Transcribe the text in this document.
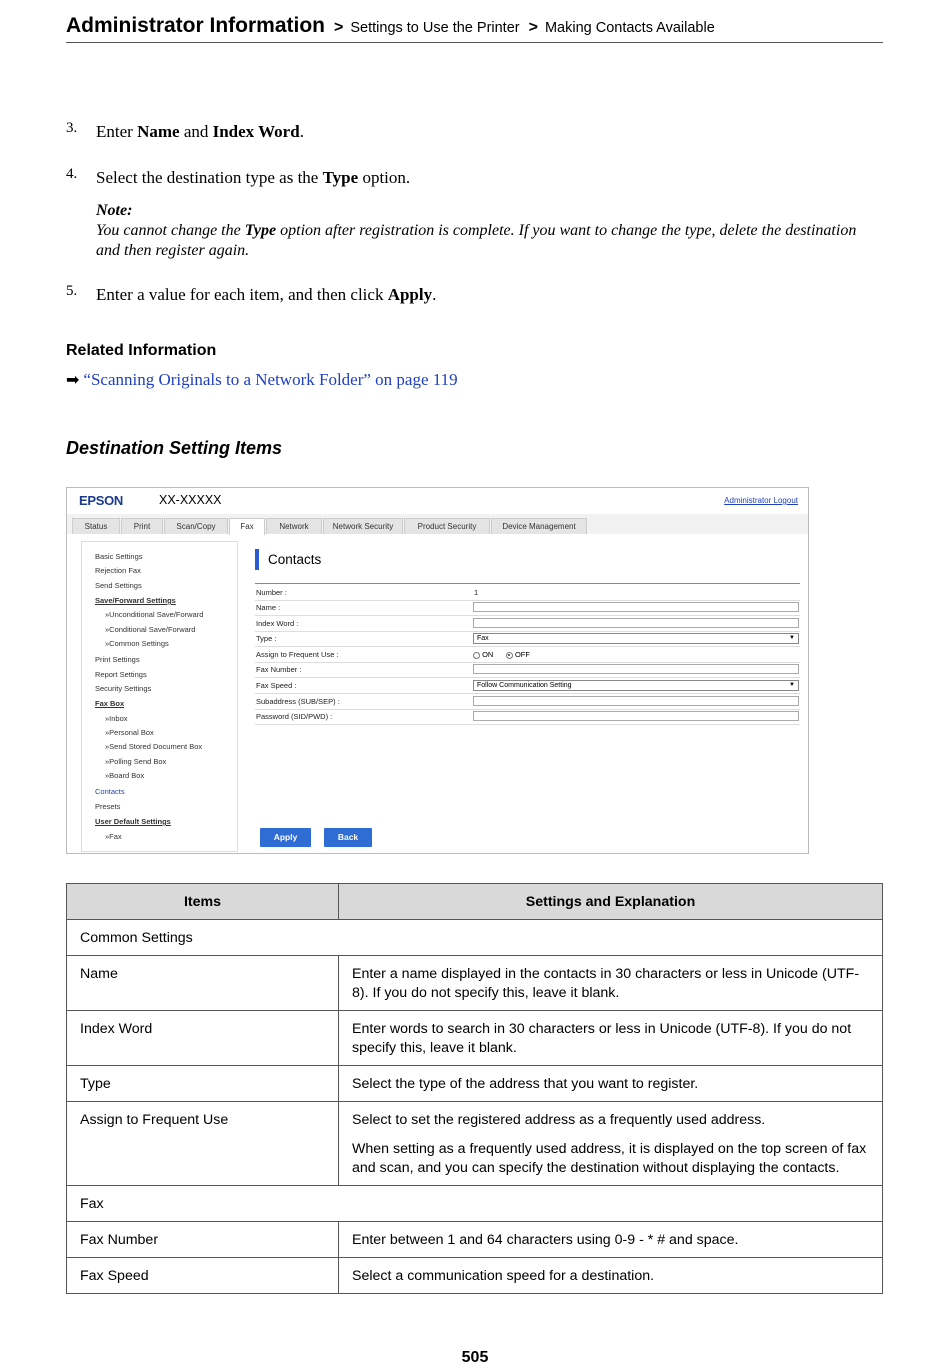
Administrator Information > Settings to Use the Printer > Making Contacts Available
3. Enter Name and Index Word.
4. Select the destination type as the Type option.
Note:
You cannot change the Type option after registration is complete. If you want to change the type, delete the destination and then register again.
5. Enter a value for each item, and then click Apply.
Related Information
➡ “Scanning Originals to a Network Folder” on page 119
Destination Setting Items
EPSON	XX-XXXXX	Administrator Logout
Status	Print	Scan/Copy	Fax	Network	Network Security	Product Security	Device Management
Basic Settings
Rejection Fax
Send Settings
Save/Forward Settings
»Unconditional Save/Forward
»Conditional Save/Forward
»Common Settings
Print Settings
Report Settings
Security Settings
Fax Box
»Inbox
»Personal Box
»Send Stored Document Box
»Polling Send Box
»Board Box
Contacts
Presets
User Default Settings
»Fax
Contacts
Number :	1
Name :
Index Word :
Type :	Fax	▼
Assign to Frequent Use :	ON	OFF
Fax Number :
Fax Speed :	Follow Communication Setting	▼
Subaddress (SUB/SEP) :
Password (SID/PWD) :
Apply	Back
Items	Settings and Explanation
Common Settings	
Name	Enter a name displayed in the contacts in 30 characters or less in Unicode (UTF-8). If you do not specify this, leave it blank.

Index Word	Enter words to search in 30 characters or less in Unicode (UTF-8). If you do not specify this, leave it blank.

Type	Select the type of the address that you want to register.

Assign to Frequent Use	Select to set the registered address as a frequently used address.

When setting as a frequently used address, it is displayed on the top screen of fax and scan, and you can specify the destination without displaying the contacts.

Fax	
Fax Number	Enter between 1 and 64 characters using 0-9 - * # and space.

Fax Speed	Select a communication speed for a destination.

505
